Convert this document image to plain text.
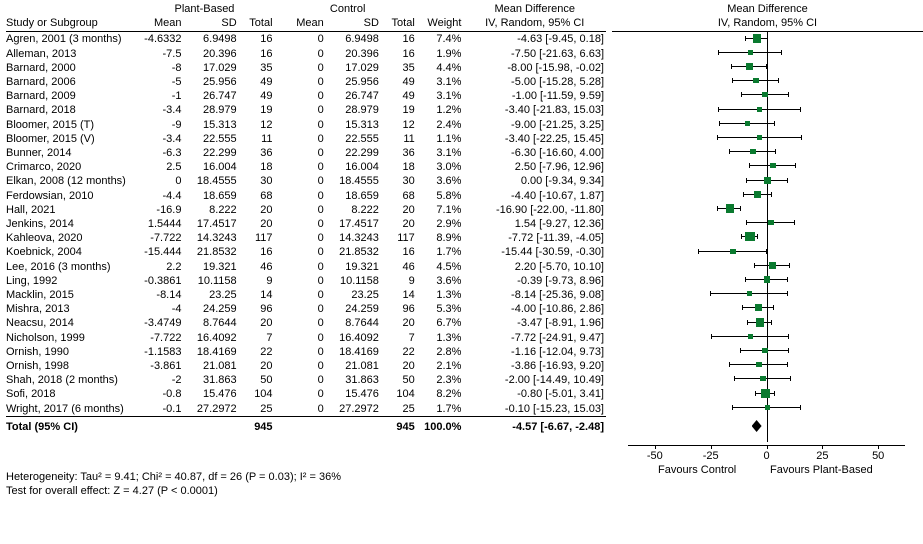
	Plant-Based			Control				Mean Difference
Study or Subgroup	Mean	SD	Total	Mean	SD	Total	Weight	IV, Random, 95% CI
Agren, 2001 (3 months)	-4.6332	6.9498	16	0	6.9498	16	7.4%	-4.63 [-9.45, 0.18]
Alleman, 2013	-7.5	20.396	16	0	20.396	16	1.9%	-7.50 [-21.63, 6.63]
Barnard, 2000	-8	17.029	35	0	17.029	35	4.4%	-8.00 [-15.98, -0.02]
Barnard, 2006	-5	25.956	49	0	25.956	49	3.1%	-5.00 [-15.28, 5.28]
Barnard, 2009	-1	26.747	49	0	26.747	49	3.1%	-1.00 [-11.59, 9.59]
Barnard, 2018	-3.4	28.979	19	0	28.979	19	1.2%	-3.40 [-21.83, 15.03]
Bloomer, 2015 (T)	-9	15.313	12	0	15.313	12	2.4%	-9.00 [-21.25, 3.25]
Bloomer, 2015 (V)	-3.4	22.555	11	0	22.555	11	1.1%	-3.40 [-22.25, 15.45]
Bunner, 2014	-6.3	22.299	36	0	22.299	36	3.1%	-6.30 [-16.60, 4.00]
Crimarco, 2020	2.5	16.004	18	0	16.004	18	3.0%	2.50 [-7.96, 12.96]
Elkan, 2008 (12 months)	0	18.4555	30	0	18.4555	30	3.6%	0.00 [-9.34, 9.34]
Ferdowsian, 2010	-4.4	18.659	68	0	18.659	68	5.8%	-4.40 [-10.67, 1.87]
Hall, 2021	-16.9	8.222	20	0	8.222	20	7.1%	-16.90 [-22.00, -11.80]
Jenkins, 2014	1.5444	17.4517	20	0	17.4517	20	2.9%	1.54 [-9.27, 12.36]
Kahleova, 2020	-7.722	14.3243	117	0	14.3243	117	8.9%	-7.72 [-11.39, -4.05]
Koebnick, 2004	-15.444	21.8532	16	0	21.8532	16	1.7%	-15.44 [-30.59, -0.30]
Lee, 2016 (3 months)	2.2	19.321	46	0	19.321	46	4.5%	2.20 [-5.70, 10.10]
Ling, 1992	-0.3861	10.1158	9	0	10.1158	9	3.6%	-0.39 [-9.73, 8.96]
Macklin, 2015	-8.14	23.25	14	0	23.25	14	1.3%	-8.14 [-25.36, 9.08]
Mishra, 2013	-4	24.259	96	0	24.259	96	5.3%	-4.00 [-10.86, 2.86]
Neacsu, 2014	-3.4749	8.7644	20	0	8.7644	20	6.7%	-3.47 [-8.91, 1.96]
Nicholson, 1999	-7.722	16.4092	7	0	16.4092	7	1.3%	-7.72 [-24.91, 9.47]
Ornish, 1990	-1.1583	18.4169	22	0	18.4169	22	2.8%	-1.16 [-12.04, 9.73]
Ornish, 1998	-3.861	21.081	20	0	21.081	20	2.1%	-3.86 [-16.93, 9.20]
Shah, 2018 (2 months)	-2	31.863	50	0	31.863	50	2.3%	-2.00 [-14.49, 10.49]
Sofi, 2018	-0.8	15.476	104	0	15.476	104	8.2%	-0.80 [-5.01, 3.41]
Wright, 2017 (6 months)	-0.1	27.2972	25	0	27.2972	25	1.7%	-0.10 [-15.23, 15.03]
Total (95% CI)			945			945	100.0%	-4.57 [-6.67, -2.48]
Heterogeneity: Tau² = 9.41; Chi² = 40.87, df = 26 (P = 0.03); I² = 36%
Test for overall effect: Z = 4.27 (P < 0.0001)
Mean Difference
IV, Random, 95% CI
-50	-25	0	25	50
Favours Control	Favours Plant-Based
